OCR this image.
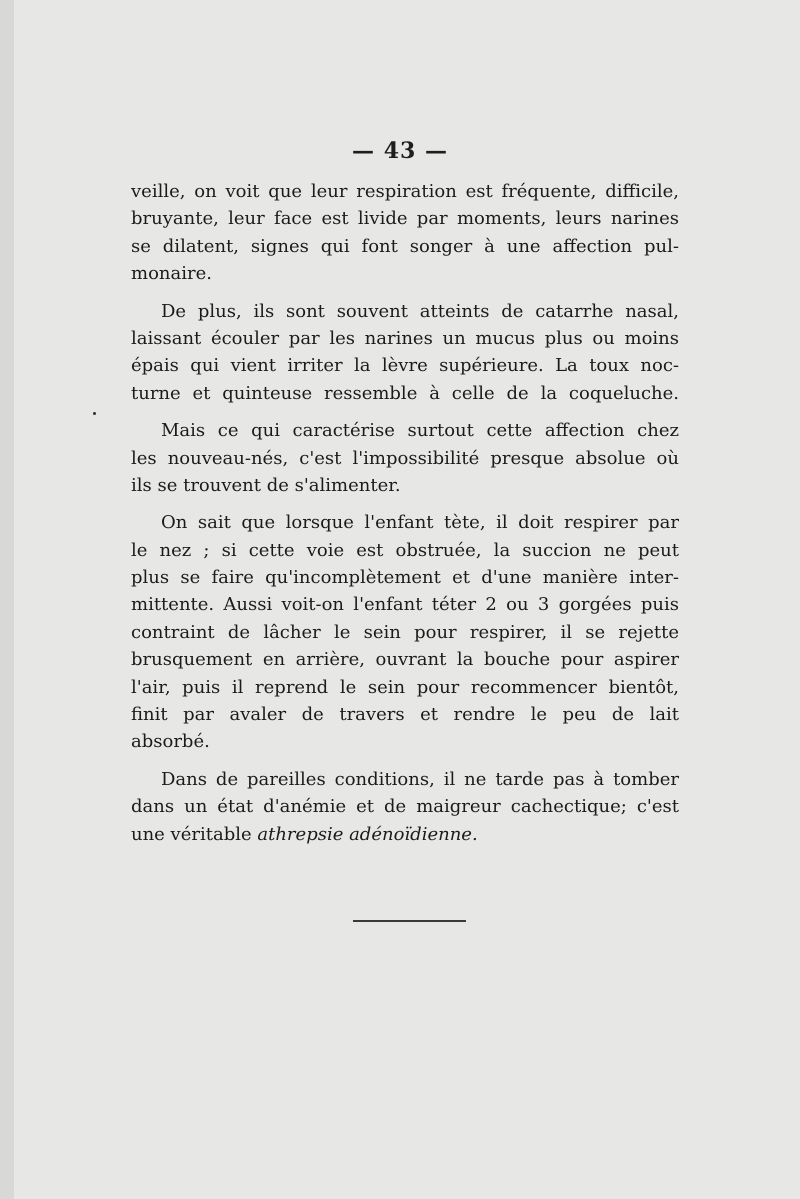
— 43 —
veille, on voit que leur respiration est fréquente, difficile,
bruyante, leur face est livide par moments, leurs narines
se dilatent, signes qui font songer à une affection pul-
monaire.
De plus, ils sont souvent atteints de catarrhe nasal,
laissant écouler par les narines un mucus plus ou moins
épais qui vient irriter la lèvre supérieure. La toux noc-
turne et quinteuse ressemble à celle de la coqueluche.
Mais ce qui caractérise surtout cette affection chez
les nouveau-nés, c'est l'impossibilité presque absolue où
ils se trouvent de s'alimenter.
On sait que lorsque l'enfant tète, il doit respirer par
le nez ; si cette voie est obstruée, la succion ne peut
plus se faire qu'incomplètement et d'une manière inter-
mittente. Aussi voit-on l'enfant téter 2 ou 3 gorgées puis
contraint de lâcher le sein pour respirer, il se rejette
brusquement en arrière, ouvrant la bouche pour aspirer
l'air, puis il reprend le sein pour recommencer bientôt,
finit par avaler de travers et rendre le peu de lait
absorbé.
Dans de pareilles conditions, il ne tarde pas à tomber
dans un état d'anémie et de maigreur cachectique; c'est
une véritable athrepsie adénoïdienne.
